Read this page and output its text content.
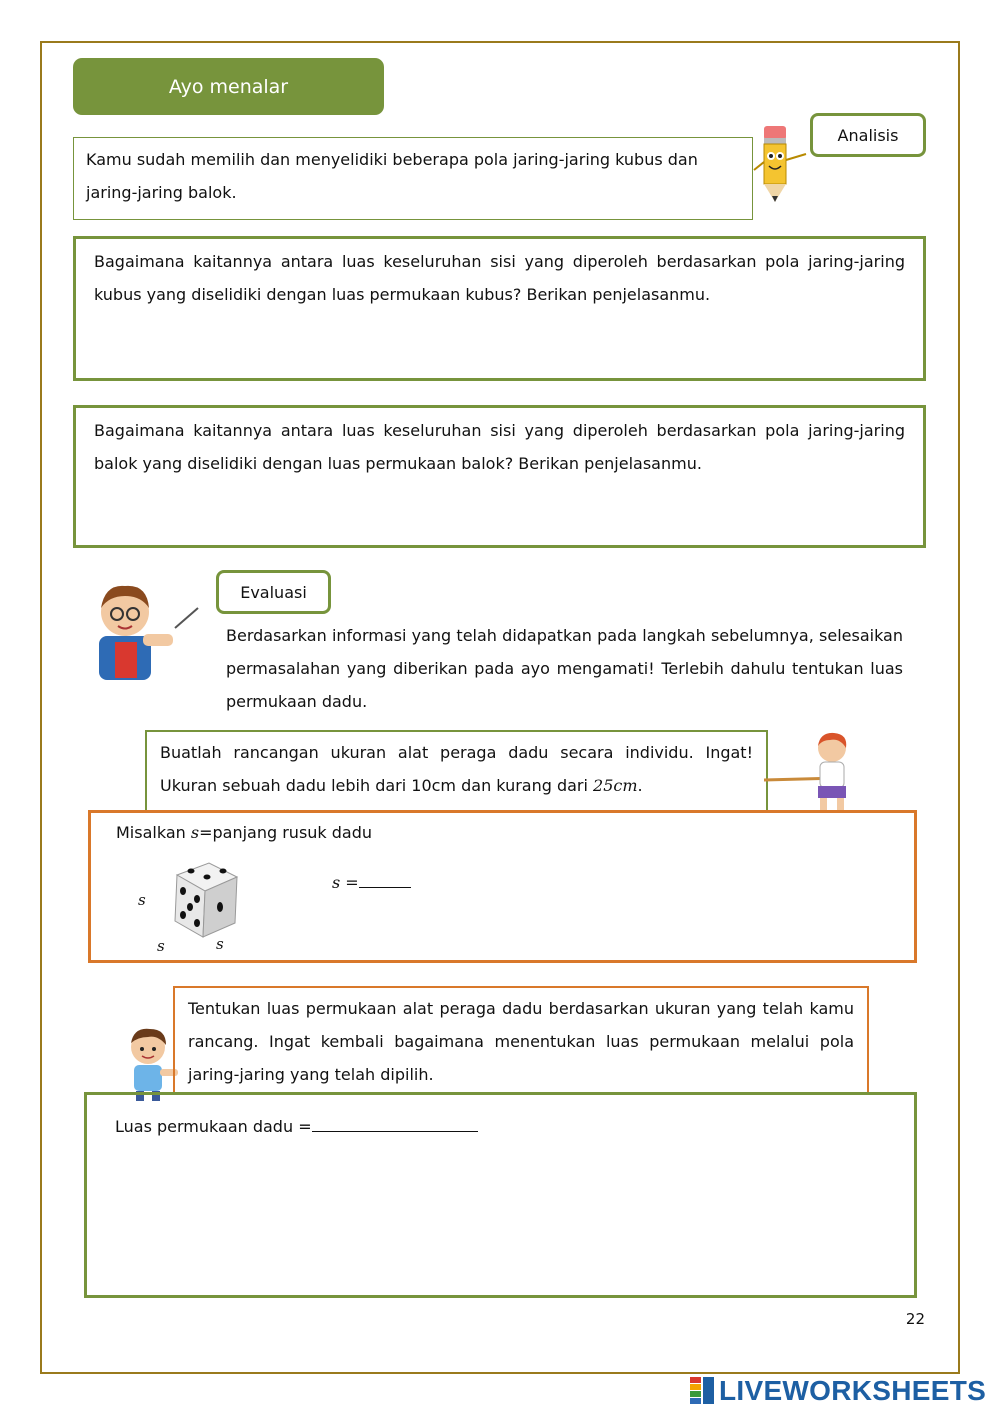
Ayo menalar
Analisis

Kamu sudah memilih dan menyelidiki beberapa pola jaring-jaring kubus dan jaring-jaring balok.

Bagaimana kaitannya antara luas keseluruhan sisi yang diperoleh berdasarkan pola jaring-jaring kubus yang diselidiki dengan luas permukaan kubus? Berikan penjelasanmu.

Bagaimana kaitannya antara luas keseluruhan sisi yang diperoleh berdasarkan pola jaring-jaring balok yang diselidiki dengan luas permukaan balok? Berikan penjelasanmu.

Evaluasi

Berdasarkan informasi yang telah didapatkan pada langkah sebelumnya, selesaikan permasalahan yang diberikan pada ayo mengamati! Terlebih dahulu tentukan luas permukaan dadu.

Buatlah rancangan ukuran alat peraga dadu secara individu. Ingat! Ukuran sebuah dadu lebih dari 10cm dan kurang dari 25cm.

Misalkan s=panjang rusuk dadu
s
s	s
s =

Tentukan luas permukaan alat peraga dadu berdasarkan ukuran yang telah kamu rancang. Ingat kembali bagaimana menentukan luas permukaan melalui pola jaring-jaring yang telah dipilih.

Luas permukaan dadu =
22
LIVEWORKSHEETS
